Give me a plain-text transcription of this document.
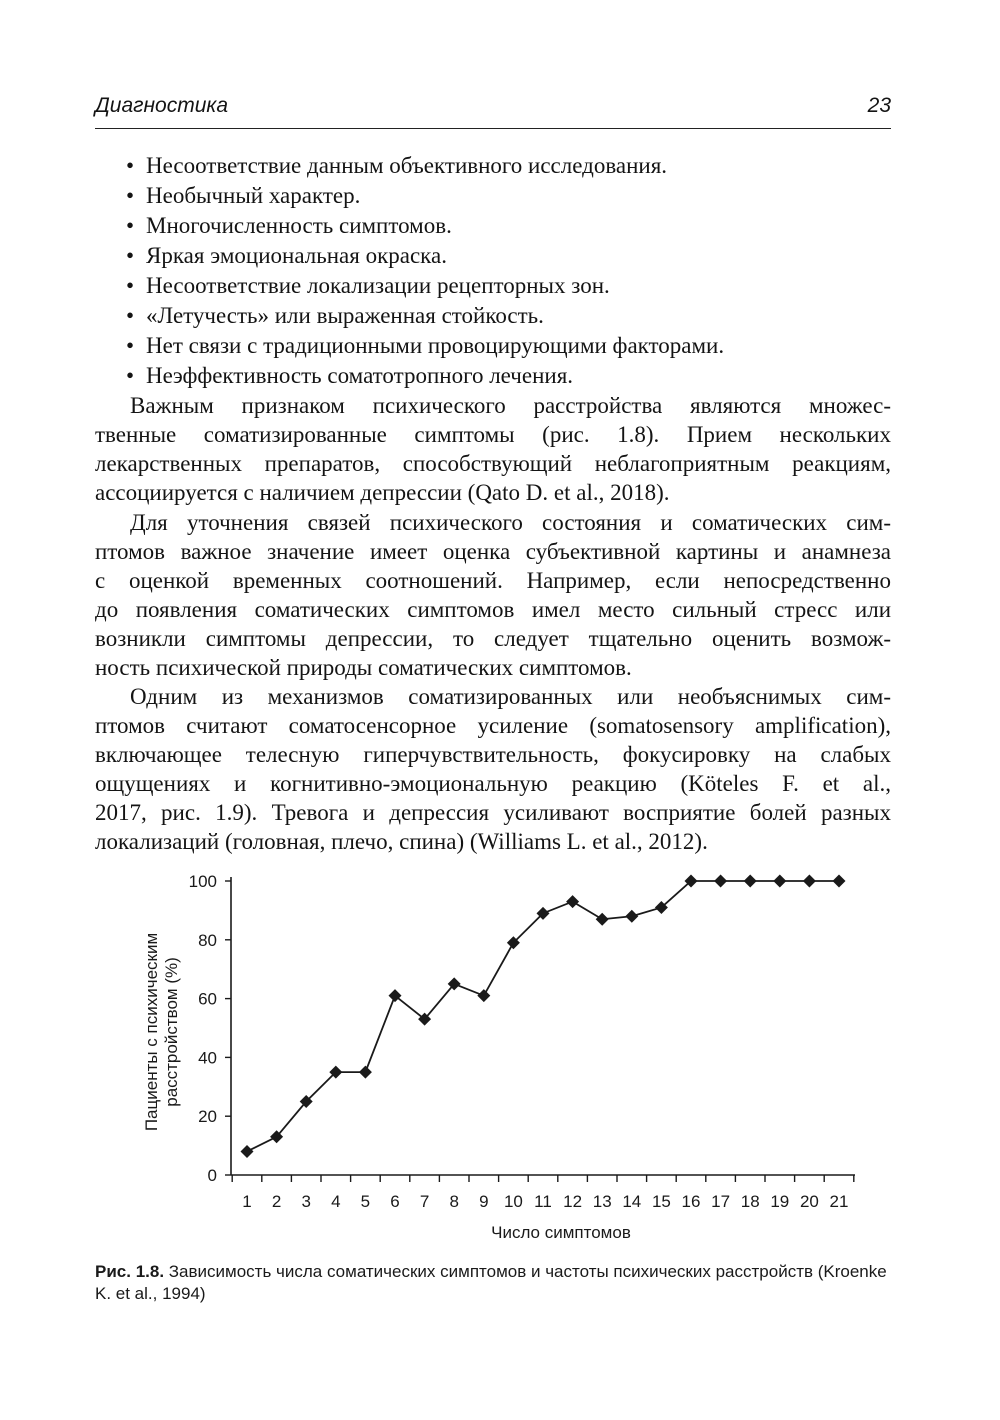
Диагностика	23
• Несоответствие данным объективного исследования.
• Необычный характер.
• Многочисленность симптомов.
• Яркая эмоциональная окраска.
• Несоответствие локализации рецепторных зон.
• «Летучесть» или выраженная стойкость.
• Нет связи с традиционными провоцирующими факторами.
• Неэффективность соматотропного лечения.

Важным признаком психического расстройства являются множес-
твенные соматизированные симптомы (рис. 1.8). Прием нескольких
лекарственных препаратов, способствующий неблагоприятным реакциям,
ассоциируется с наличием депрессии (Qato D. et al., 2018).

Для уточнения связей психического состояния и соматических сим-
птомов важное значение имеет оценка субъективной картины и анамнеза
с оценкой временных соотношений. Например, если непосредственно
до появления соматических симптомов имел место сильный стресс или
возникли симптомы депрессии, то следует тщательно оценить возмож-
ность психической природы соматических симптомов.

Одним из механизмов соматизированных или необъяснимых сим-
птомов считают соматосенсорное усиление (somatosensory amplification),
включающее телесную гиперчувствительность, фокусировку на слабых
ощущениях и когнитивно-эмоциональную реакцию (Köteles F. et al.,
2017, рис. 1.9). Тревога и депрессия усиливают восприятие болей разных
локализаций (головная, плечо, спина) (Williams L. et al., 2012).

0
20
40
60
80
100
1 2 3 4 5 6 7 8 9 10 11 12 13 14 15 16 17 18 19 20 21
Число симптомов
Пациенты с психическим расстройством (%)
Рис. 1.8. Зависимость числа соматических симптомов и частоты психических расстройств (Kroenke K. et al., 1994)
